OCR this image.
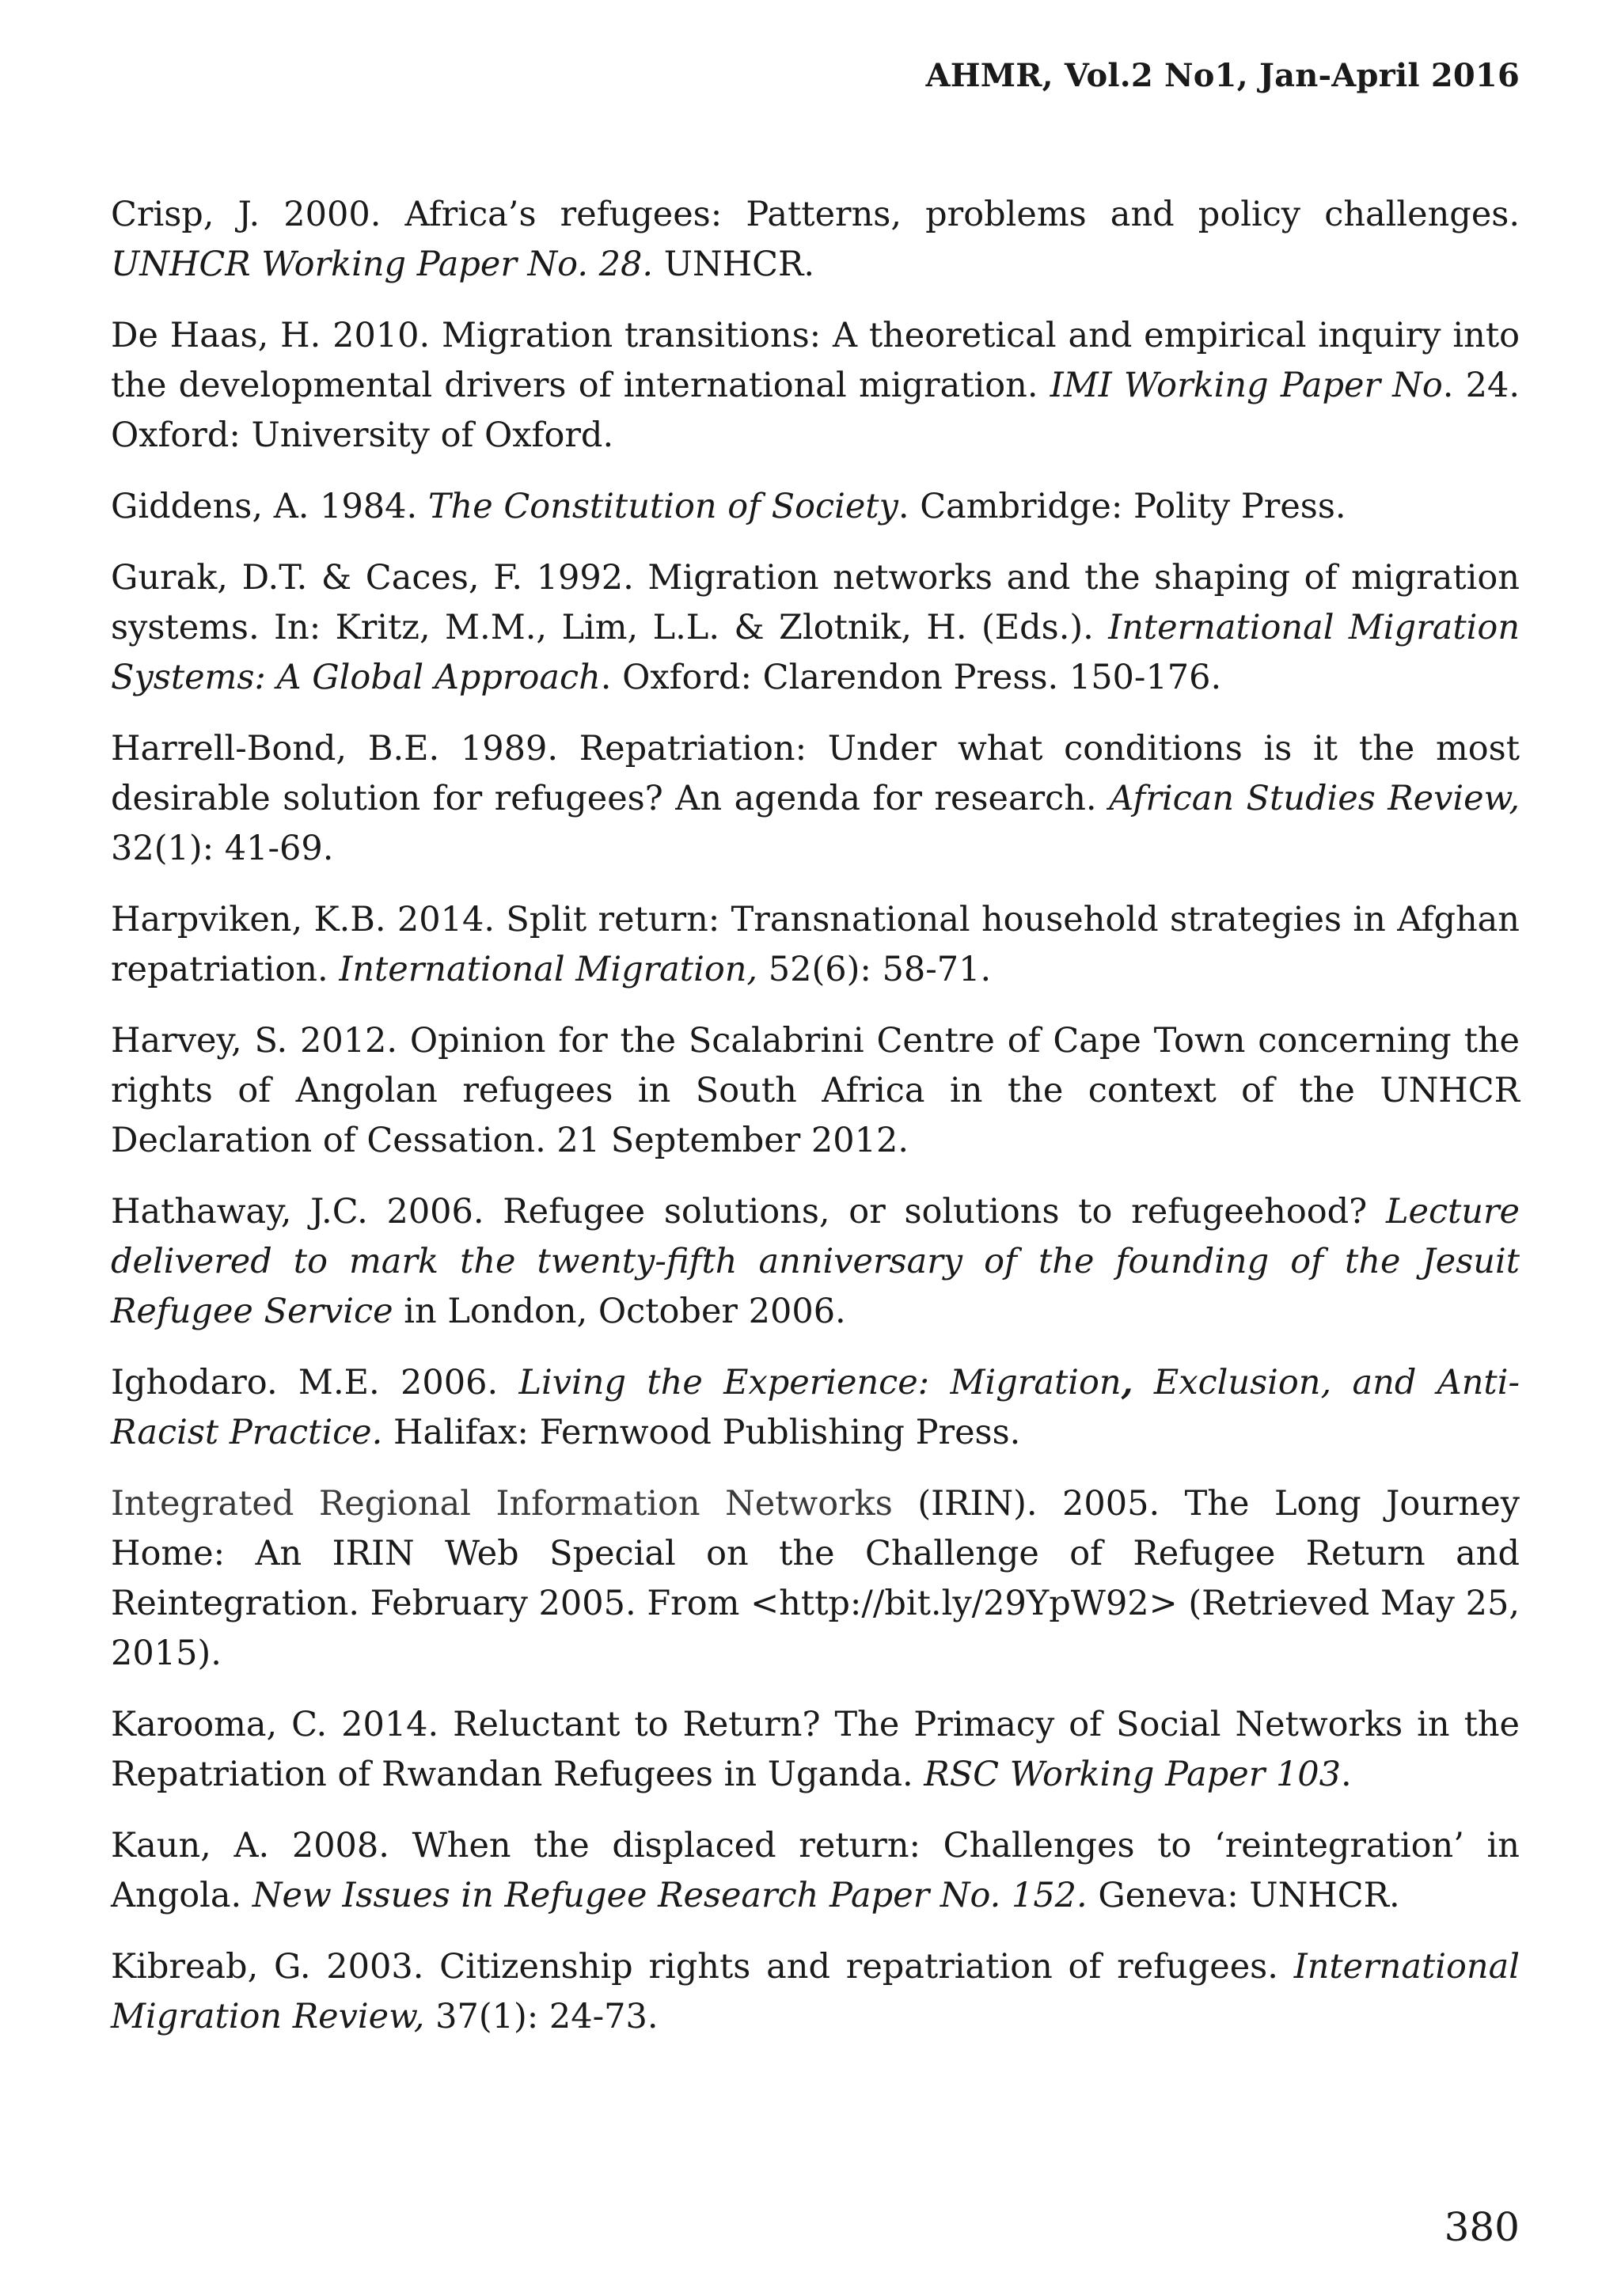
AHMR, Vol.2 No1, Jan-April 2016

Crisp, J. 2000. Africa’s refugees: Patterns, problems and policy challenges. UNHCR Working Paper No. 28. UNHCR.

De Haas, H. 2010. Migration transitions: A theoretical and empirical inquiry into the developmental drivers of international migration. IMI Working Paper No. 24. Oxford: University of Oxford.

Giddens, A. 1984. The Constitution of Society. Cambridge: Polity Press.

Gurak, D.T. & Caces, F. 1992. Migration networks and the shaping of migration systems. In: Kritz, M.M., Lim, L.L. & Zlotnik, H. (Eds.). International Migration Systems: A Global Approach. Oxford: Clarendon Press. 150-176.

Harrell-Bond, B.E. 1989. Repatriation: Under what conditions is it the most desirable solution for refugees? An agenda for research. African Studies Review, 32(1): 41-69.

Harpviken, K.B. 2014. Split return: Transnational household strategies in Afghan repatriation. International Migration, 52(6): 58-71.

Harvey, S. 2012. Opinion for the Scalabrini Centre of Cape Town concerning the rights of Angolan refugees in South Africa in the context of the UNHCR Declaration of Cessation. 21 September 2012.

Hathaway, J.C. 2006. Refugee solutions, or solutions to refugeehood? Lecture delivered to mark the twenty-fifth anniversary of the founding of the Jesuit Refugee Service in London, October 2006.

Ighodaro. M.E. 2006. Living the Experience: Migration, Exclusion, and Anti-Racist Practice. Halifax: Fernwood Publishing Press.

Integrated Regional Information Networks (IRIN). 2005. The Long Journey Home: An IRIN Web Special on the Challenge of Refugee Return and Reintegration. February 2005. From <http://bit.ly/29YpW92> (Retrieved May 25, 2015).

Karooma, C. 2014. Reluctant to Return? The Primacy of Social Networks in the Repatriation of Rwandan Refugees in Uganda. RSC Working Paper 103.

Kaun, A. 2008. When the displaced return: Challenges to ‘reintegration’ in Angola. New Issues in Refugee Research Paper No. 152. Geneva: UNHCR.

Kibreab, G. 2003. Citizenship rights and repatriation of refugees. International Migration Review, 37(1): 24-73.

380
